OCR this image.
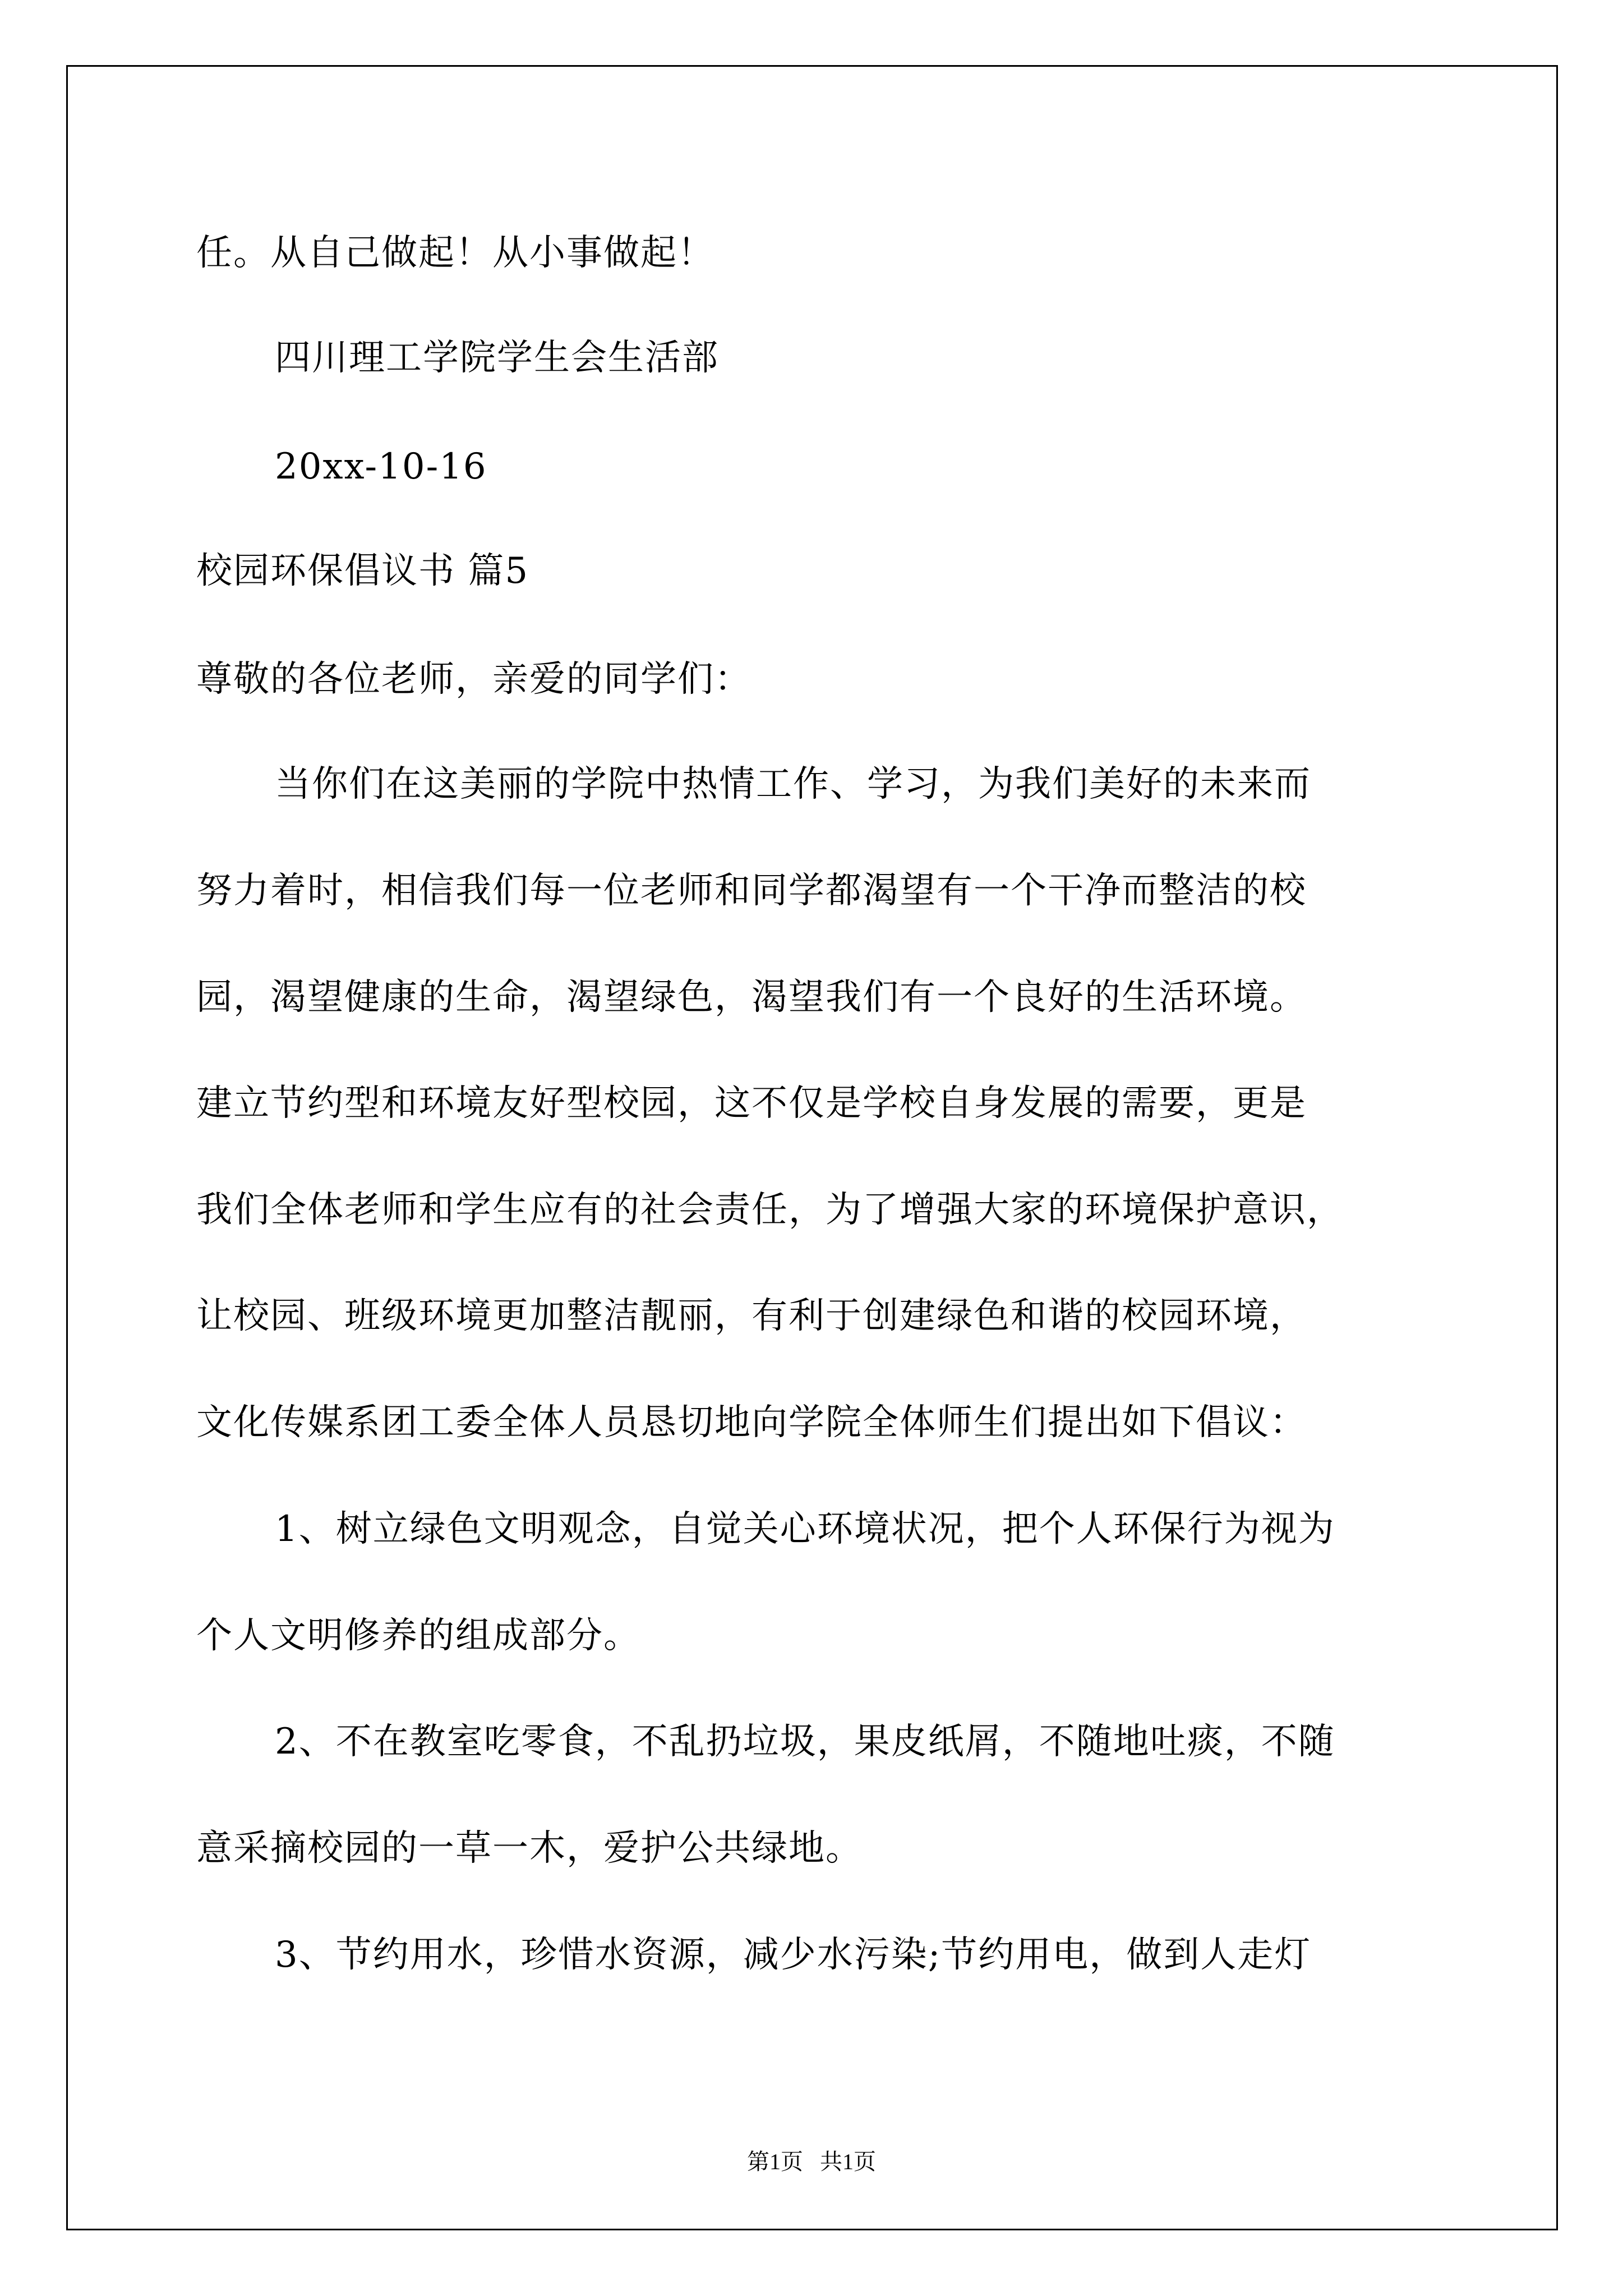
任。从自己做起！从小事做起！
四川理工学院学生会生活部
20xx-10-16
校园环保倡议书 篇5
尊敬的各位老师，亲爱的同学们：
当你们在这美丽的学院中热情工作、学习，为我们美好的未来而
努力着时，相信我们每一位老师和同学都渴望有一个干净而整洁的校
园，渴望健康的生命，渴望绿色，渴望我们有一个良好的生活环境。
建立节约型和环境友好型校园，这不仅是学校自身发展的需要，更是
我们全体老师和学生应有的社会责任，为了增强大家的环境保护意识，
让校园、班级环境更加整洁靓丽，有利于创建绿色和谐的校园环境，
文化传媒系团工委全体人员恳切地向学院全体师生们提出如下倡议：
1、树立绿色文明观念，自觉关心环境状况，把个人环保行为视为
个人文明修养的组成部分。
2、不在教室吃零食，不乱扔垃圾，果皮纸屑，不随地吐痰，不随
意采摘校园的一草一木，爱护公共绿地。
3、节约用水，珍惜水资源，减少水污染;节约用电，做到人走灯
第1页   共1页
